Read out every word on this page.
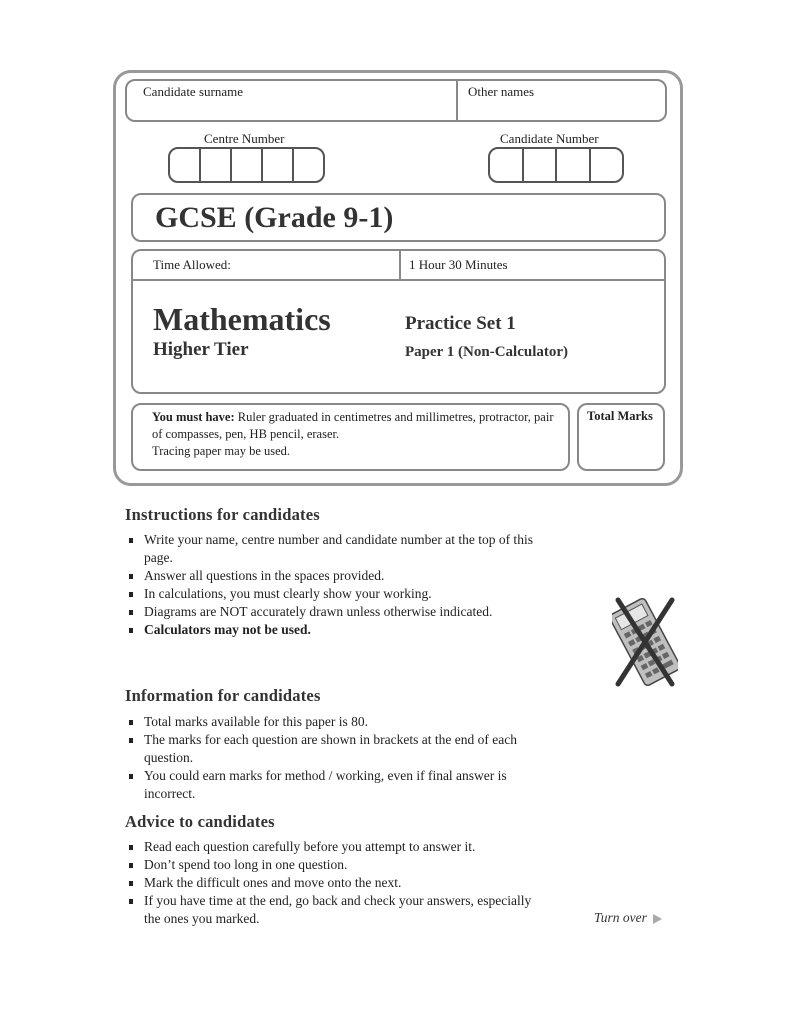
Candidate surname	Other names
Centre Number	Candidate Number
GCSE (Grade 9-1)
Time Allowed:	1 Hour 30 Minutes
Mathematics
Higher Tier
Practice Set 1
Paper 1 (Non-Calculator)
You must have: Ruler graduated in centimetres and millimetres, protractor, pair of compasses, pen, HB pencil, eraser.
Tracing paper may be used.
Total Marks
Instructions for candidates
Write your name, centre number and candidate number at the top of this page.
Answer all questions in the spaces provided.
In calculations, you must clearly show your working.
Diagrams are NOT accurately drawn unless otherwise indicated.
Calculators may not be used.
Information for candidates
Total marks available for this paper is 80.
The marks for each question are shown in brackets at the end of each question.
You could earn marks for method / working, even if final answer is incorrect.
Advice to candidates
Read each question carefully before you attempt to answer it.
Don’t spend too long in one question.
Mark the difficult ones and move onto the next.
If you have time at the end, go back and check your answers, especially the ones you marked.	Turn over
